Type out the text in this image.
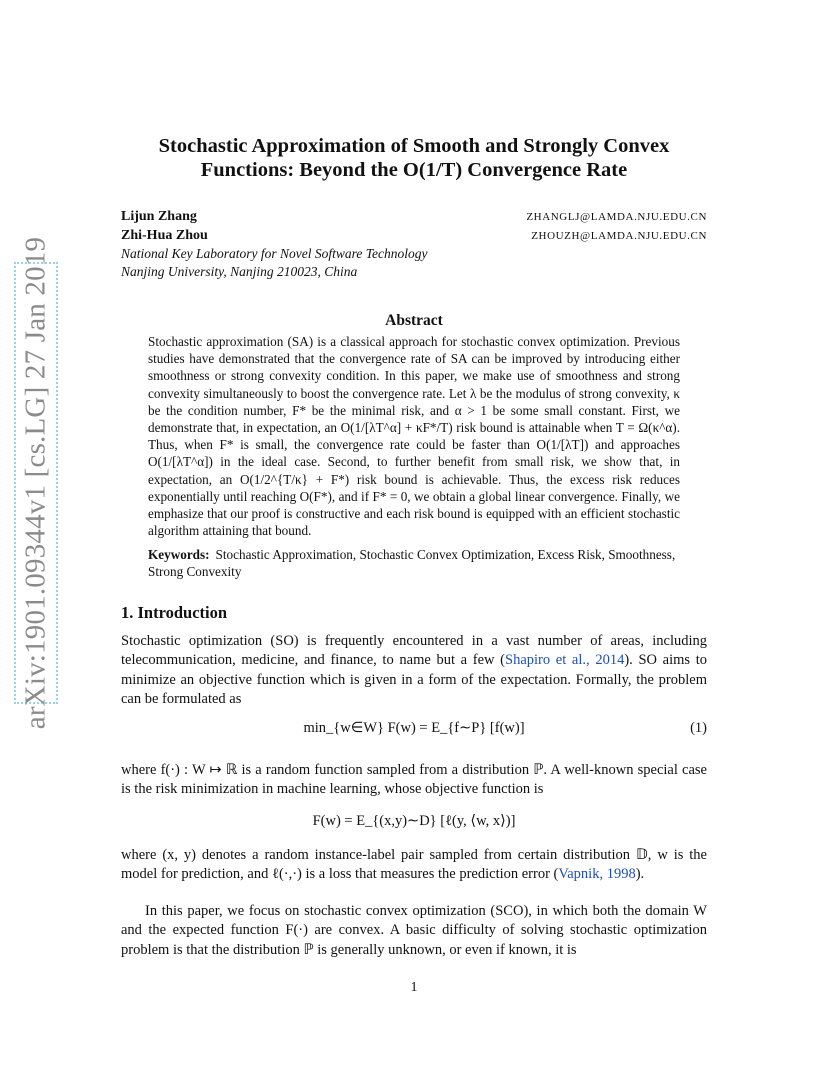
arXiv:1901.09344v1 [cs.LG] 27 Jan 2019
Stochastic Approximation of Smooth and Strongly Convex
Functions: Beyond the O(1/T) Convergence Rate
Lijun Zhang	ZHANGLJ@LAMDA.NJU.EDU.CN
Zhi-Hua Zhou	ZHOUZH@LAMDA.NJU.EDU.CN
National Key Laboratory for Novel Software Technology
Nanjing University, Nanjing 210023, China
Abstract
Stochastic approximation (SA) is a classical approach for stochastic convex optimization. Previous studies have demonstrated that the convergence rate of SA can be improved by introducing either smoothness or strong convexity condition. In this paper, we make use of smoothness and strong convexity simultaneously to boost the convergence rate. Let λ be the modulus of strong convexity, κ be the condition number, F* be the minimal risk, and α > 1 be some small constant. First, we demonstrate that, in expectation, an O(1/[λT^α] + κF*/T) risk bound is attainable when T = Ω(κ^α). Thus, when F* is small, the convergence rate could be faster than O(1/[λT]) and approaches O(1/[λT^α]) in the ideal case. Second, to further benefit from small risk, we show that, in expectation, an O(1/2^{T/κ} + F*) risk bound is achievable. Thus, the excess risk reduces exponentially until reaching O(F*), and if F* = 0, we obtain a global linear convergence. Finally, we emphasize that our proof is constructive and each risk bound is equipped with an efficient stochastic algorithm attaining that bound.
Keywords: Stochastic Approximation, Stochastic Convex Optimization, Excess Risk, Smoothness, Strong Convexity
1. Introduction
Stochastic optimization (SO) is frequently encountered in a vast number of areas, including telecommunication, medicine, and finance, to name but a few (Shapiro et al., 2014). SO aims to minimize an objective function which is given in a form of the expectation. Formally, the problem can be formulated as
min_{w∈W} F(w) = E_{f∼P} [f(w)]	(1)
where f(·) : W ↦ ℝ is a random function sampled from a distribution ℙ. A well-known special case is the risk minimization in machine learning, whose objective function is
F(w) = E_{(x,y)∼D} [ℓ(y, ⟨w, x⟩)]
where (x, y) denotes a random instance-label pair sampled from certain distribution 𝔻, w is the model for prediction, and ℓ(·,·) is a loss that measures the prediction error (Vapnik, 1998).
In this paper, we focus on stochastic convex optimization (SCO), in which both the domain W and the expected function F(·) are convex. A basic difficulty of solving stochastic optimization problem is that the distribution ℙ is generally unknown, or even if known, it is
1
